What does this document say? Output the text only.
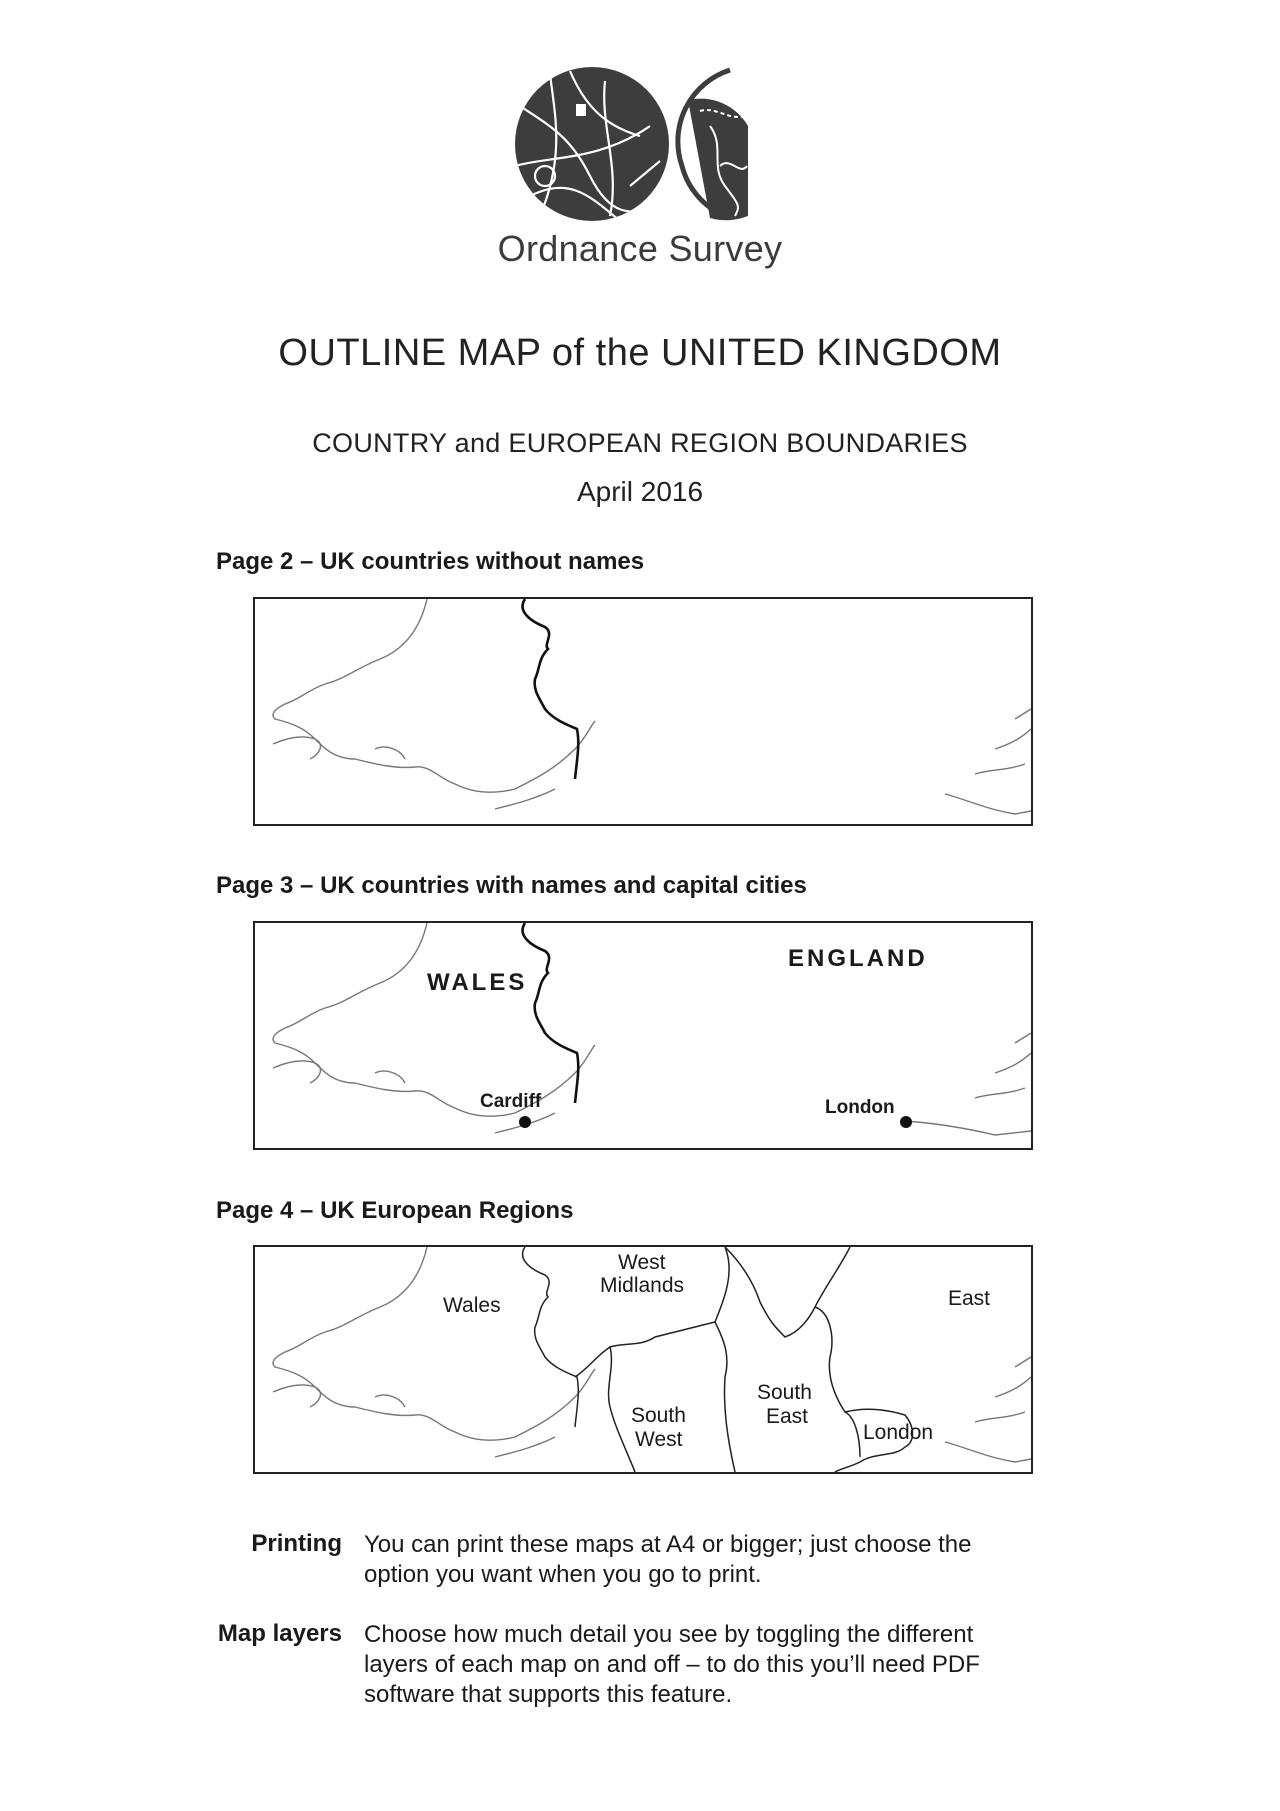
Ordnance Survey
OUTLINE MAP of the UNITED KINGDOM
COUNTRY and EUROPEAN REGION BOUNDARIES
April 2016
Page 2 – UK countries without names
Page 3 – UK countries with names and capital cities
WALES
ENGLAND
Cardiff	London
Page 4 – UK European Regions
Wales
West
Midlands
East
South
West
South
East
London
Printing You can print these maps at A4 or bigger; just choose the
option you want when you go to print.
Map layers Choose how much detail you see by toggling the different
layers of each map on and off – to do this you’ll need PDF
software that supports this feature.
